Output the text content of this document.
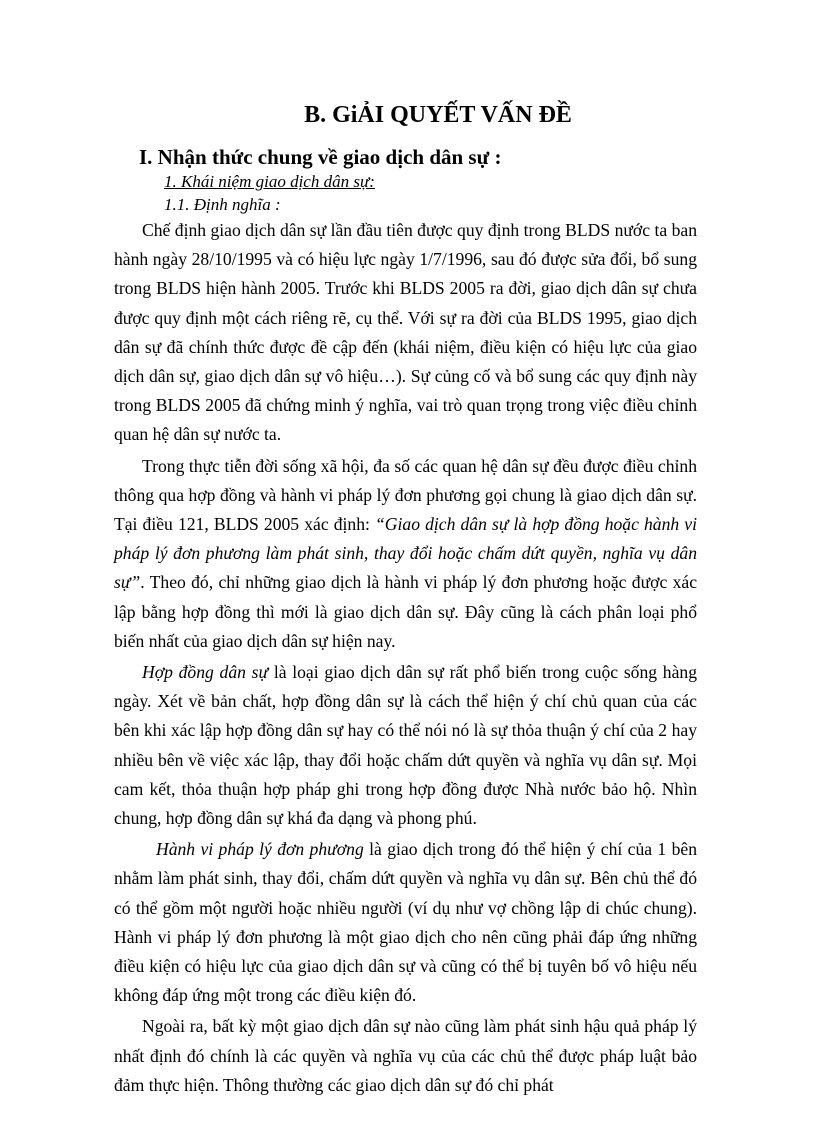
B. GiẢI QUYẾT VẤN ĐỀ
I. Nhận thức chung về giao dịch dân sự :
1. Khái niệm giao dịch dân sự:
1.1. Định nghĩa :

Chế định giao dịch dân sự lần đầu tiên được quy định trong BLDS nước ta ban hành ngày 28/10/1995 và có hiệu lực ngày 1/7/1996, sau đó được sửa đổi, bổ sung trong BLDS hiện hành 2005. Trước khi BLDS 2005 ra đời, giao dịch dân sự chưa được quy định một cách riêng rẽ, cụ thể. Với sự ra đời của BLDS 1995, giao dịch dân sự đã chính thức được đề cập đến (khái niệm, điều kiện có hiệu lực của giao dịch dân sự, giao dịch dân sự vô hiệu…). Sự củng cố và bổ sung các quy định này trong BLDS 2005 đã chứng minh ý nghĩa, vai trò quan trọng trong việc điều chỉnh quan hệ dân sự nước ta.

Trong thực tiễn đời sống xã hội, đa số các quan hệ dân sự đều được điều chỉnh thông qua hợp đồng và hành vi pháp lý đơn phương gọi chung là giao dịch dân sự. Tại điều 121, BLDS 2005 xác định: “Giao dịch dân sự là hợp đồng hoặc hành vi pháp lý đơn phương làm phát sinh, thay đổi hoặc chấm dứt quyền, nghĩa vụ dân sự”. Theo đó, chỉ những giao dịch là hành vi pháp lý đơn phương hoặc được xác lập bằng hợp đồng thì mới là giao dịch dân sự. Đây cũng là cách phân loại phổ biến nhất của giao dịch dân sự hiện nay.

Hợp đồng dân sự là loại giao dịch dân sự rất phổ biến trong cuộc sống hàng ngày. Xét về bản chất, hợp đồng dân sự là cách thể hiện ý chí chủ quan của các bên khi xác lập hợp đồng dân sự hay có thể nói nó là sự thỏa thuận ý chí của 2 hay nhiều bên về việc xác lập, thay đổi hoặc chấm dứt quyền và nghĩa vụ dân sự. Mọi cam kết, thỏa thuận hợp pháp ghi trong hợp đồng được Nhà nước bảo hộ. Nhìn chung, hợp đồng dân sự khá đa dạng và phong phú.

Hành vi pháp lý đơn phương là giao dịch trong đó thể hiện ý chí của 1 bên nhằm làm phát sinh, thay đổi, chấm dứt quyền và nghĩa vụ dân sự. Bên chủ thể đó có thể gồm một người hoặc nhiều người (ví dụ như vợ chồng lập di chúc chung). Hành vi pháp lý đơn phương là một giao dịch cho nên cũng phải đáp ứng những điều kiện có hiệu lực của giao dịch dân sự và cũng có thể bị tuyên bố vô hiệu nếu không đáp ứng một trong các điều kiện đó.

Ngoài ra, bất kỳ một giao dịch dân sự nào cũng làm phát sinh hậu quả pháp lý nhất định đó chính là các quyền và nghĩa vụ của các chủ thể được pháp luật bảo đảm thực hiện. Thông thường các giao dịch dân sự đó chỉ phát
